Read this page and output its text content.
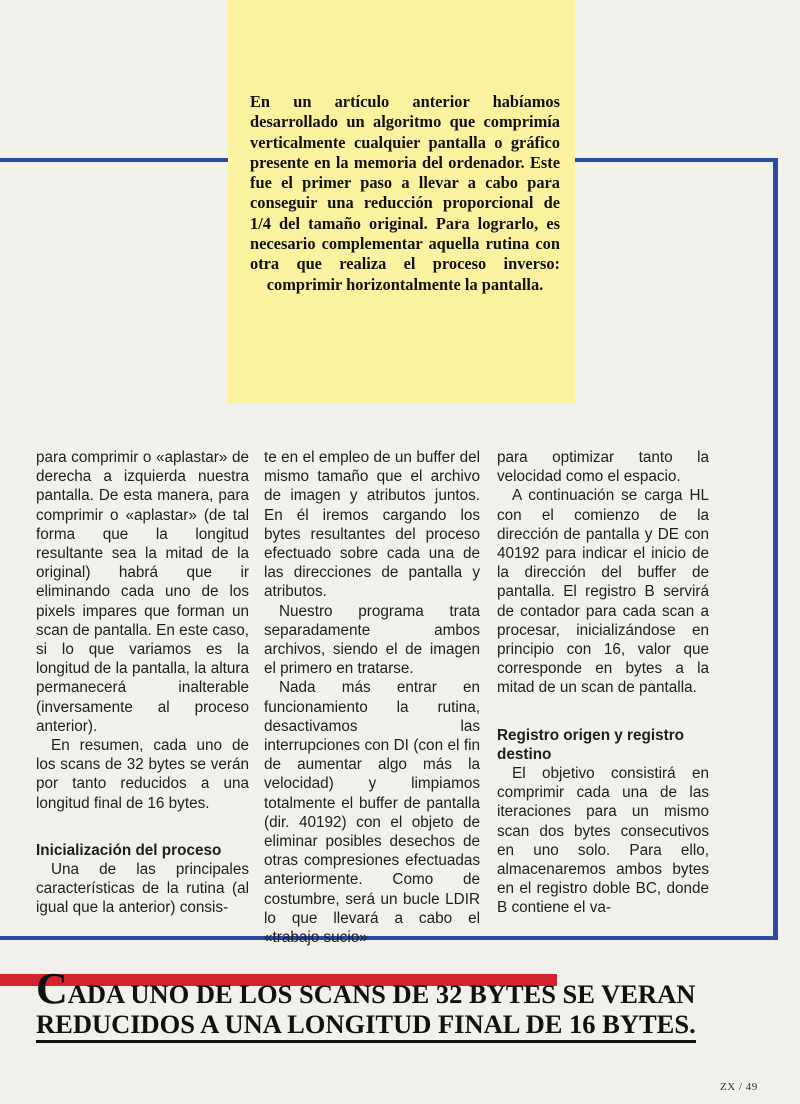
En un artículo anterior habíamos desarrollado un algoritmo que comprimía verticalmente cualquier pantalla o gráfico presente en la memoria del ordenador. Este fue el primer paso a llevar a cabo para conseguir una reducción proporcional de 1/4 del tamaño original. Para lograrlo, es necesario complementar aquella rutina con otra que realiza el proceso inverso: comprimir horizontalmente la pantalla.

para comprimir o «aplastar» de derecha a izquierda nuestra pantalla. De esta manera, para comprimir o «aplastar» (de tal forma que la longitud resultante sea la mitad de la original) habrá que ir eliminando cada uno de los pixels impares que forman un scan de pantalla. En este caso, si lo que variamos es la longitud de la pantalla, la altura permanecerá inalterable (inversamente al proceso anterior).

En resumen, cada uno de los scans de 32 bytes se verán por tanto reducidos a una longitud final de 16 bytes.

Inicialización del proceso

Una de las principales características de la rutina (al igual que la anterior) consis-

te en el empleo de un buffer del mismo tamaño que el archivo de imagen y atributos juntos. En él iremos cargando los bytes resultantes del proceso efectuado sobre cada una de las direcciones de pantalla y atributos.

Nuestro programa trata separadamente ambos archivos, siendo el de imagen el primero en tratarse.

Nada más entrar en funcionamiento la rutina, desactivamos las interrupciones con DI (con el fin de aumentar algo más la velocidad) y limpiamos totalmente el buffer de pantalla (dir. 40192) con el objeto de eliminar posibles desechos de otras compresiones efectuadas anteriormente. Como de costumbre, será un bucle LDIR lo que llevará a cabo el «trabajo sucio»

para optimizar tanto la velocidad como el espacio.

A continuación se carga HL con el comienzo de la dirección de pantalla y DE con 40192 para indicar el inicio de la dirección del buffer de pantalla. El registro B servirá de contador para cada scan a procesar, inicializándose en principio con 16, valor que corresponde en bytes a la mitad de un scan de pantalla.

Registro origen y registro destino

El objetivo consistirá en comprimir cada una de las iteraciones para un mismo scan dos bytes consecutivos en uno solo. Para ello, almacenaremos ambos bytes en el registro doble BC, donde B contiene el va-

CADA UNO DE LOS SCANS DE 32 BYTES SE VERAN
REDUCIDOS A UNA LONGITUD FINAL DE 16 BYTES.
ZX / 49
